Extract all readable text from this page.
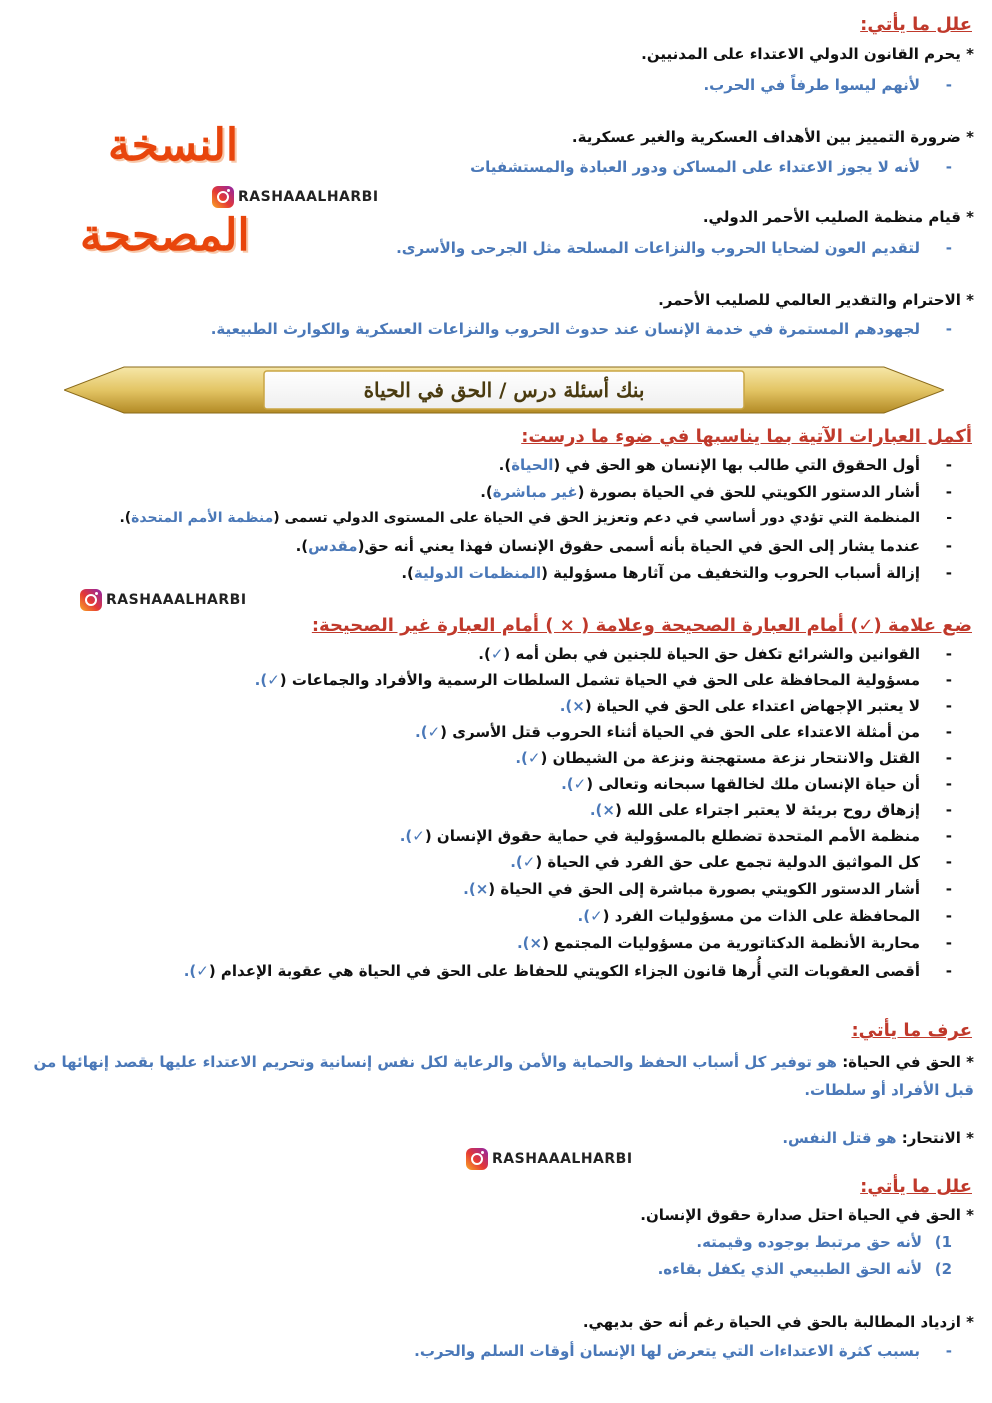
علل ما يأتي:
* يحرم القانون الدولي الاعتداء على المدنيين.
-لأنهم ليسوا طرفاً في الحرب.
* ضرورة التمييز بين الأهداف العسكرية والغير عسكرية.
-لأنه لا يجوز الاعتداء على المساكن ودور العبادة والمستشفيات
* قيام منظمة الصليب الأحمر الدولي.
-لتقديم العون لضحايا الحروب والنزاعات المسلحة مثل الجرحى والأسرى.
* الاحترام والتقدير العالمي للصليب الأحمر.
-لجهودهم المستمرة في خدمة الإنسان عند حدوث الحروب والنزاعات العسكرية والكوارث الطبيعية.
النسخة
المصححة
RASHAAALHARBI
بنك أسئلة درس / الحق في الحياة
أكمل العبارات الآتية بما يناسبها في ضوء ما درست:
-أول الحقوق التي طالب بها الإنسان هو الحق في (الحياة).
-أشار الدستور الكويتي للحق في الحياة بصورة (غير مباشرة).
-المنظمة التي تؤدي دور أساسي في دعم وتعزيز الحق في الحياة على المستوى الدولي تسمى (منظمة الأمم المتحدة).
-عندما يشار إلى الحق في الحياة بأنه أسمى حقوق الإنسان فهذا يعني أنه حق(مقدس).
-إزالة أسباب الحروب والتخفيف من آثارها مسؤولية (المنظمات الدولية).
RASHAAALHARBI
ضع علامة (✓) أمام العبارة الصحيحة وعلامة ( × ) أمام العبارة غير الصحيحة:
-القوانين والشرائع تكفل حق الحياة للجنين في بطن أمه (✓).
-مسؤولية المحافظة على الحق في الحياة تشمل السلطات الرسمية والأفراد والجماعات (✓).
-لا يعتبر الإجهاض اعتداء على الحق في الحياة (×).
-من أمثلة الاعتداء على الحق في الحياة أثناء الحروب قتل الأسرى (✓).
-القتل والانتحار نزعة مستهجنة ونزعة من الشيطان (✓).
-أن حياة الإنسان ملك لخالقها سبحانه وتعالى (✓).
-إزهاق روح بريئة لا يعتبر اجتراء على الله (×).
-منظمة الأمم المتحدة تضطلع بالمسؤولية في حماية حقوق الإنسان (✓).
-كل المواثيق الدولية تجمع على حق الفرد في الحياة (✓).
-أشار الدستور الكويتي بصورة مباشرة إلى الحق في الحياة (×).
-المحافظة على الذات من مسؤوليات الفرد (✓).
-محاربة الأنظمة الدكتاتورية من مسؤوليات المجتمع (×).
-أقصى العقوبات التي أُرها قانون الجزاء الكويتي للحفاظ على الحق في الحياة هي عقوبة الإعدام (✓).
عرف ما يأتي:
* الحق في الحياة: هو توفير كل أسباب الحفظ والحماية والأمن والرعاية لكل نفس إنسانية وتحريم الاعتداء عليها بقصد إنهائها من قبل الأفراد أو سلطات.
* الانتحار: هو قتل النفس.
RASHAAALHARBI
علل ما يأتي:
* الحق في الحياة احتل صدارة حقوق الإنسان.
1)لأنه حق مرتبط بوجوده وقيمته.
2)لأنه الحق الطبيعي الذي يكفل بقاءه.
* ازدياد المطالبة بالحق في الحياة رغم أنه حق بديهي.
-بسبب كثرة الاعتداءات التي يتعرض لها الإنسان أوقات السلم والحرب.
